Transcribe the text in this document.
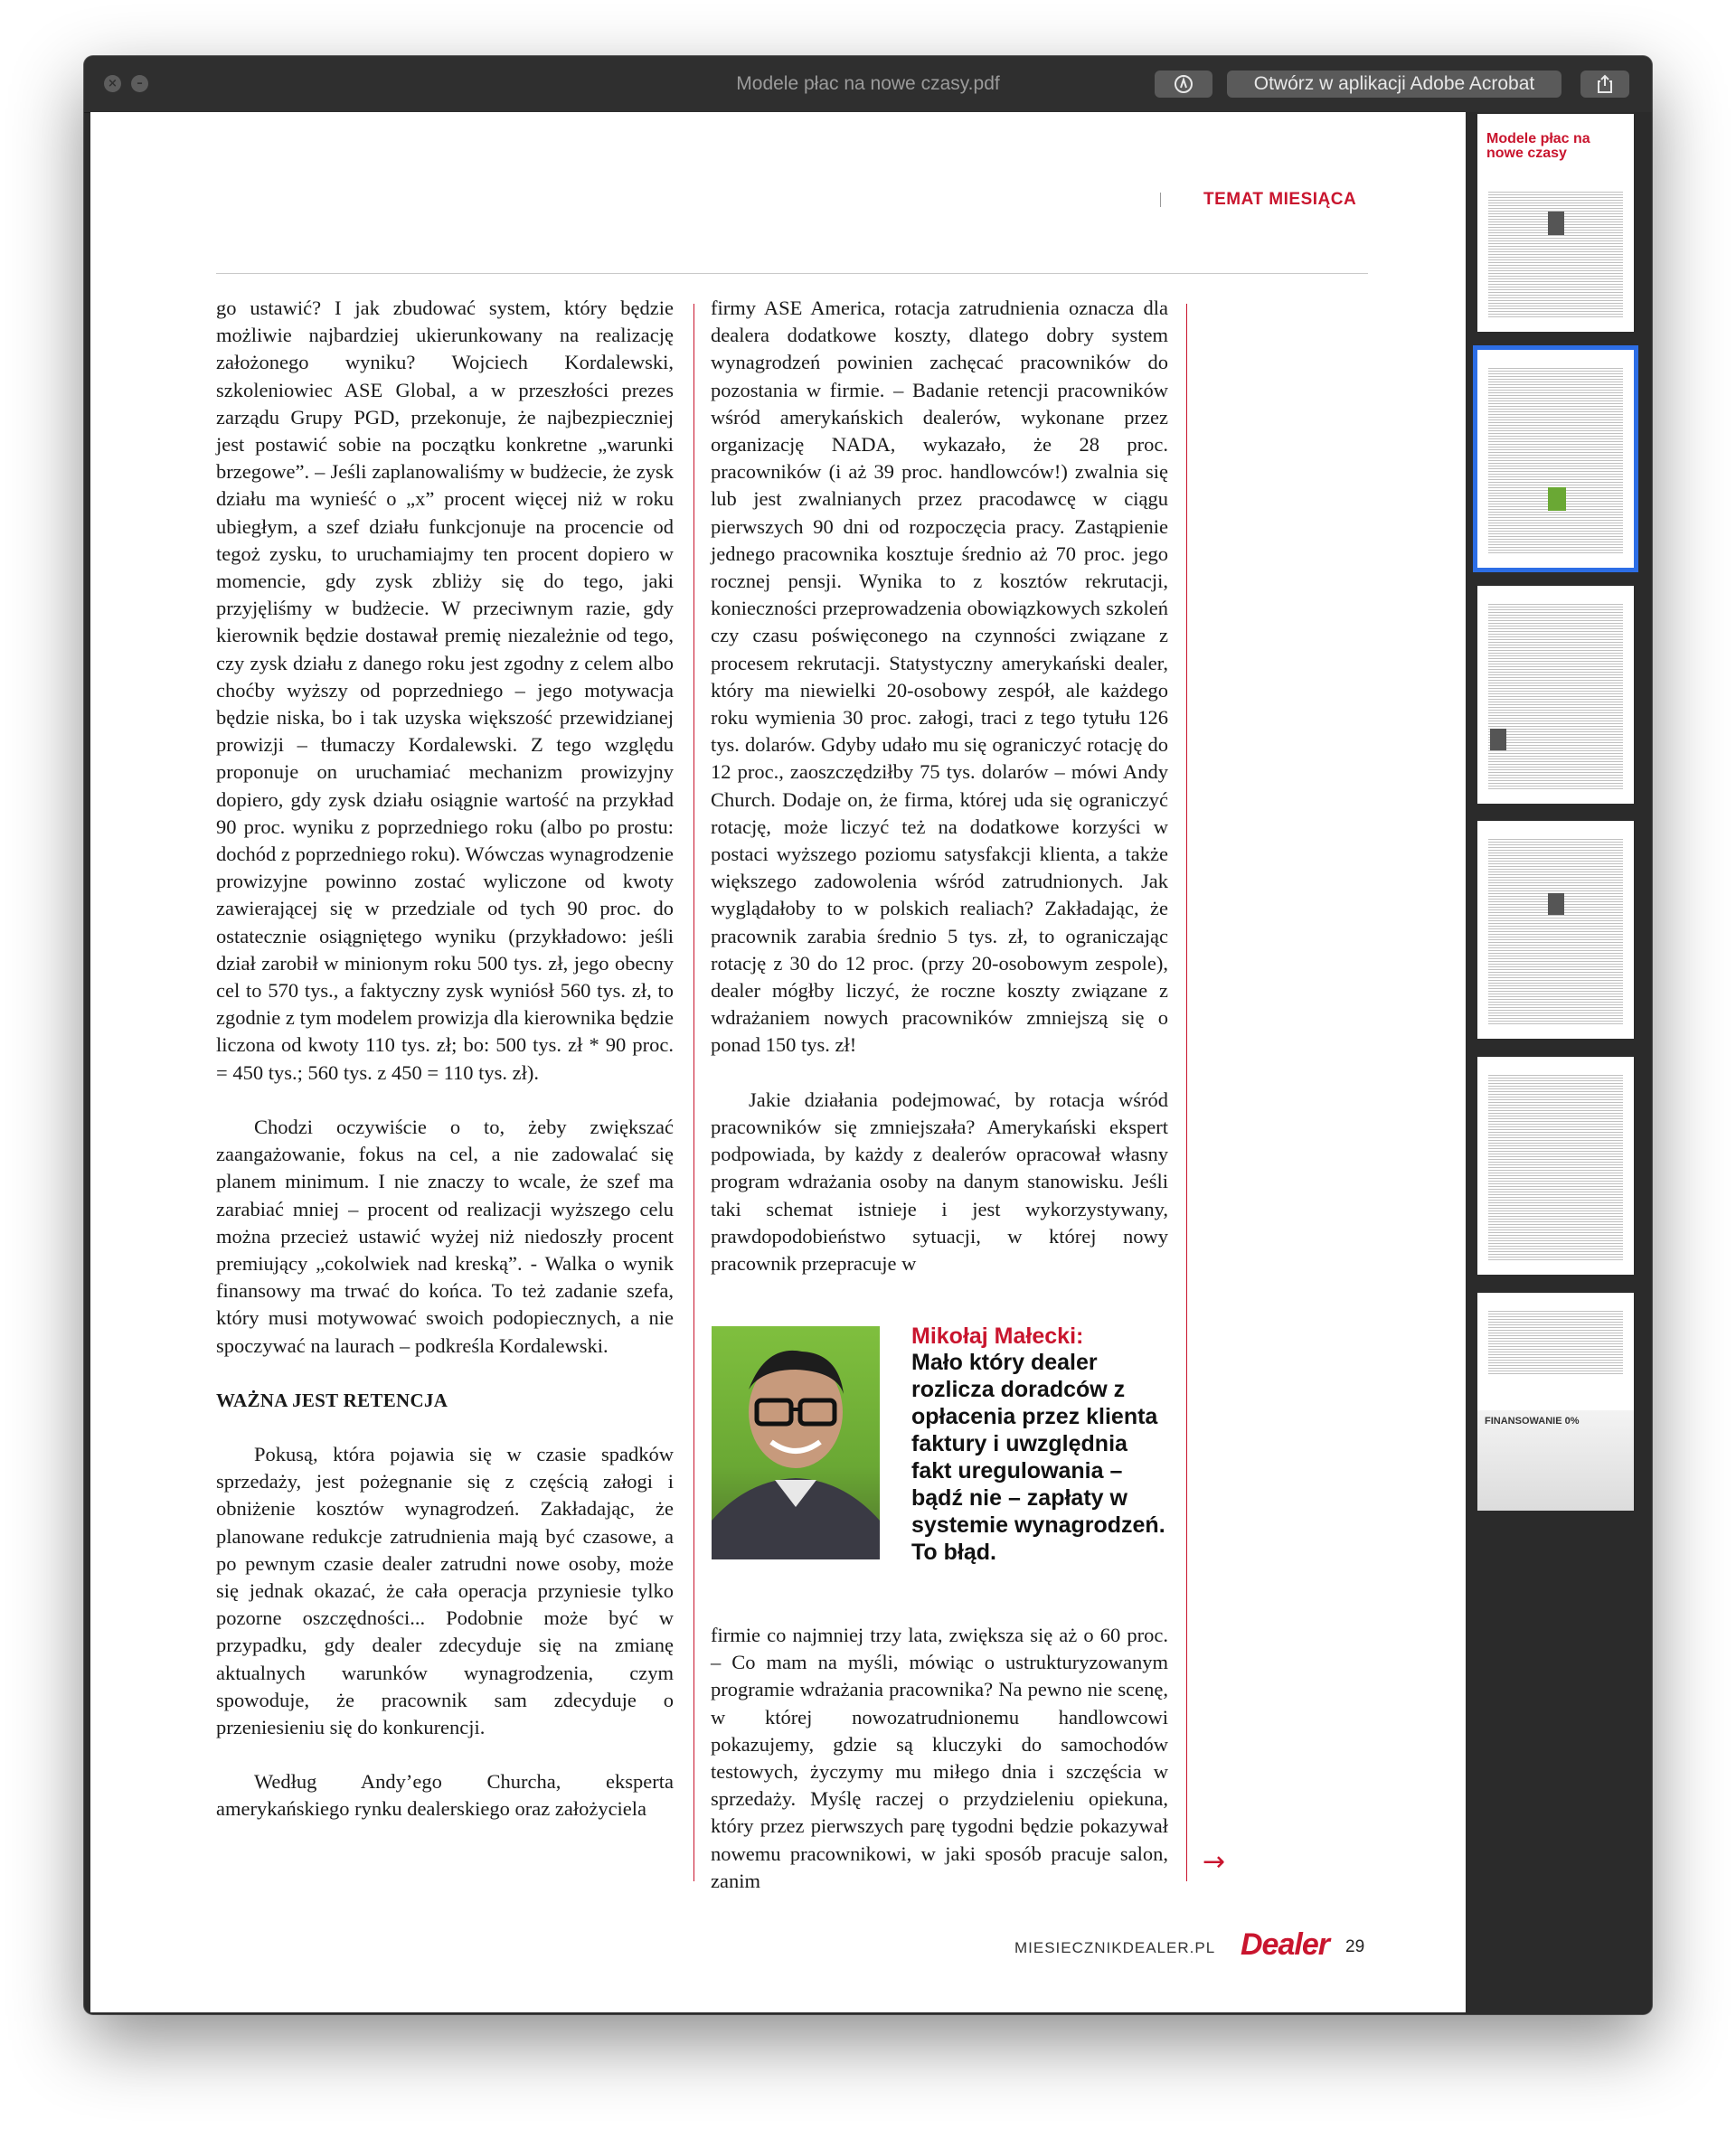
×	–	Modele płac na nowe czasy.pdf	Otwórz w aplikacji Adobe Acrobat
TEMAT MIESIĄCA

go ustawić? I jak zbudować system, który będzie możliwie najbardziej ukierunkowany na realizację założonego wyniku? Wojciech Kordalewski, szkoleniowiec ASE Global, a w przeszłości prezes zarządu Grupy PGD, przekonuje, że najbezpieczniej jest postawić sobie na początku konkretne „warunki brzegowe”. – Jeśli zaplanowaliśmy w budżecie, że zysk działu ma wynieść o „x” procent więcej niż w roku ubiegłym, a szef działu funkcjonuje na procencie od tegoż zysku, to uruchamiajmy ten procent dopiero w momencie, gdy zysk zbliży się do tego, jaki przyjęliśmy w budżecie. W przeciwnym razie, gdy kierownik będzie dostawał premię niezależnie od tego, czy zysk działu z danego roku jest zgodny z celem albo choćby wyższy od poprzedniego – jego motywacja będzie niska, bo i tak uzyska większość przewidzianej prowizji – tłumaczy Kordalewski. Z tego względu proponuje on uruchamiać mechanizm prowizyjny dopiero, gdy zysk działu osiągnie wartość na przykład 90 proc. wyniku z poprzedniego roku (albo po prostu: dochód z poprzedniego roku). Wówczas wynagrodzenie prowizyjne powinno zostać wyliczone od kwoty zawierającej się w przedziale od tych 90 proc. do ostatecznie osiągniętego wyniku (przykładowo: jeśli dział zarobił w minionym roku 500 tys. zł, jego obecny cel to 570 tys., a faktyczny zysk wyniósł 560 tys. zł, to zgodnie z tym modelem prowizja dla kierownika będzie liczona od kwoty 110 tys. zł; bo: 500 tys. zł * 90 proc. = 450 tys.; 560 tys. z 450 = 110 tys. zł).

Chodzi oczywiście o to, żeby zwiększać zaangażowanie, fokus na cel, a nie zadowalać się planem minimum. I nie znaczy to wcale, że szef ma zarabiać mniej – procent od realizacji wyższego celu można przecież ustawić wyżej niż niedoszły procent premiujący „cokolwiek nad kreską”. - Walka o wynik finansowy ma trwać do końca. To też zadanie szefa, który musi motywować swoich podopiecznych, a nie spoczywać na laurach – podkreśla Kordalewski.

WAŻNA JEST RETENCJA

Pokusą, która pojawia się w czasie spadków sprzedaży, jest pożegnanie się z częścią załogi i obniżenie kosztów wynagrodzeń. Zakładając, że planowane redukcje zatrudnienia mają być czasowe, a po pewnym czasie dealer zatrudni nowe osoby, może się jednak okazać, że cała operacja przyniesie tylko pozorne oszczędności... Podobnie może być w przypadku, gdy dealer zdecyduje się na zmianę aktualnych warunków wynagrodzenia, czym spowoduje, że pracownik sam zdecyduje o przeniesieniu się do konkurencji.

Według Andy’ego Churcha, eksperta amerykańskiego rynku dealerskiego oraz założyciela

firmy ASE America, rotacja zatrudnienia oznacza dla dealera dodatkowe koszty, dlatego dobry system wynagrodzeń powinien zachęcać pracowników do pozostania w firmie. – Badanie retencji pracowników wśród amerykańskich dealerów, wykonane przez organizację NADA, wykazało, że 28 proc. pracowników (i aż 39 proc. handlowców!) zwalnia się lub jest zwalnianych przez pracodawcę w ciągu pierwszych 90 dni od rozpoczęcia pracy. Zastąpienie jednego pracownika kosztuje średnio aż 70 proc. jego rocznej pensji. Wynika to z kosztów rekrutacji, konieczności przeprowadzenia obowiązkowych szkoleń czy czasu poświęconego na czynności związane z procesem rekrutacji. Statystyczny amerykański dealer, który ma niewielki 20-osobowy zespół, ale każdego roku wymienia 30 proc. załogi, traci z tego tytułu 126 tys. dolarów. Gdyby udało mu się ograniczyć rotację do 12 proc., zaoszczędziłby 75 tys. dolarów – mówi Andy Church. Dodaje on, że firma, której uda się ograniczyć rotację, może liczyć też na dodatkowe korzyści w postaci wyższego poziomu satysfakcji klienta, a także większego zadowolenia wśród zatrudnionych. Jak wyglądałoby to w polskich realiach? Zakładając, że pracownik zarabia średnio 5 tys. zł, to ograniczając rotację z 30 do 12 proc. (przy 20-osobowym zespole), dealer mógłby liczyć, że roczne koszty związane z wdrażaniem nowych pracowników zmniejszą się o ponad 150 tys. zł!

Jakie działania podejmować, by rotacja wśród pracowników się zmniejszała? Amerykański ekspert podpowiada, by każdy z dealerów opracował własny program wdrażania osoby na danym stanowisku. Jeśli taki schemat istnieje i jest wykorzystywany, prawdopodobieństwo sytuacji, w której nowy pracownik przepracuje w

Mikołaj Małecki:
Mało który dealer rozlicza doradców z opłacenia przez klienta faktury i uwzględnia fakt uregulowania – bądź nie – zapłaty w systemie wynagrodzeń. To błąd.

firmie co najmniej trzy lata, zwiększa się aż o 60 proc. – Co mam na myśli, mówiąc o ustrukturyzowanym programie wdrażania pracownika? Na pewno nie scenę, w której nowozatrudnionemu handlowcowi pokazujemy, gdzie są kluczyki do samochodów testowych, życzymy mu miłego dnia i szczęścia w sprzedaży. Myślę raczej o przydzieleniu opiekuna, który przez pierwszych parę tygodni będzie pokazywał nowemu pracownikowi, w jaki sposób pracuje salon, zanim

→
MIESIECZNIKDEALER.PL Dealer 29
Modele płac na nowe czasy
FINANSOWANIE 0%
